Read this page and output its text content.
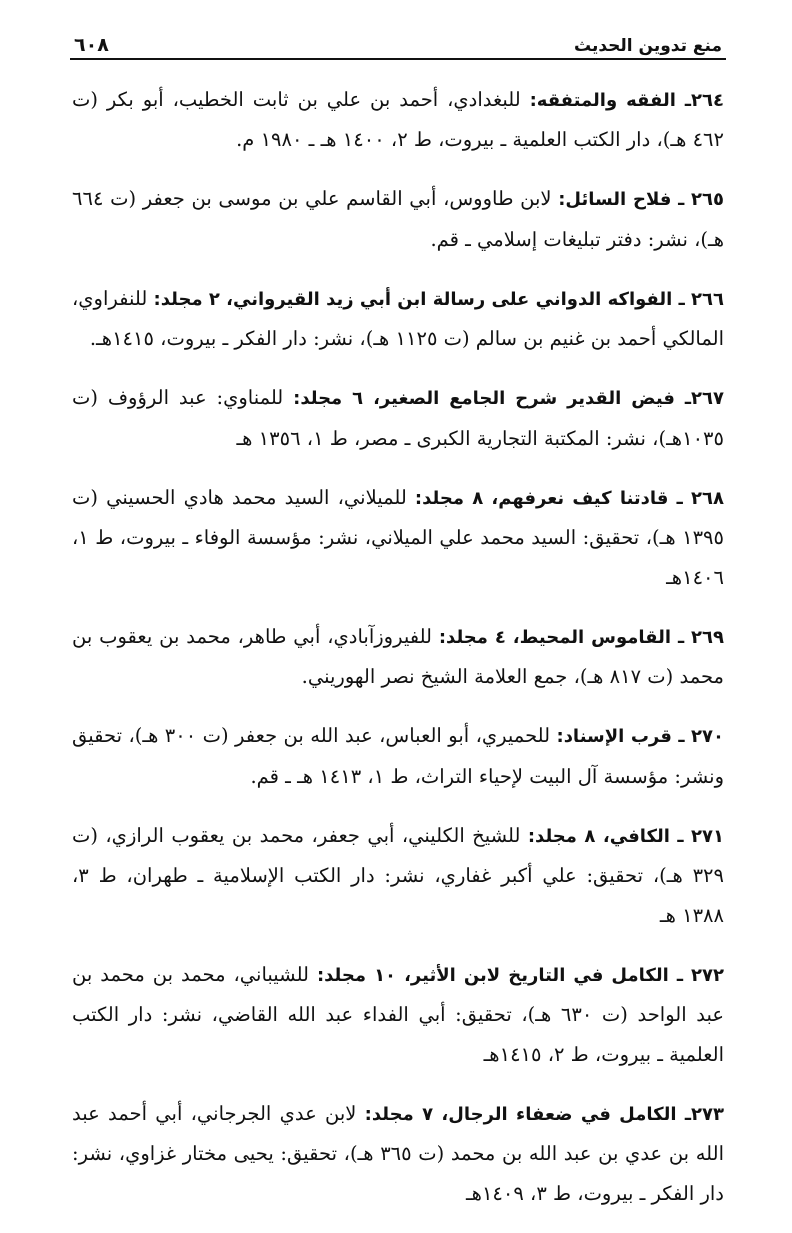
منع تدوين الحديث
٦٠٨

٢٦٤ـ الفقه والمتفقه: للبغدادي، أحمد بن علي بن ثابت الخطيب، أبو بكر (ت ٤٦٢ هـ)، دار الكتب العلمية ـ بيروت، ط ٢، ١٤٠٠ هـ ـ ١٩٨٠ م.

٢٦٥ ـ فلاح السائل: لابن طاووس، أبي القاسم علي بن موسى بن جعفر (ت ٦٦٤ هـ)، نشر: دفتر تبليغات إسلامي ـ قم.

٢٦٦ ـ الفواكه الدواني على رسالة ابن أبي زيد القيرواني، ٢ مجلد: للنفراوي، المالكي أحمد بن غنيم بن سالم (ت ١١٢٥ هـ)، نشر: دار الفكر ـ بيروت، ١٤١٥هـ.

٢٦٧ـ فيض القدير شرح الجامع الصغير، ٦ مجلد: للمناوي: عبد الرؤوف (ت ١٠٣٥هـ)، نشر: المكتبة التجارية الكبرى ـ مصر، ط ١، ١٣٥٦ هـ

٢٦٨ ـ قادتنا كيف نعرفهم، ٨ مجلد: للميلاني، السيد محمد هادي الحسيني (ت ١٣٩٥ هـ)، تحقيق: السيد محمد علي الميلاني، نشر: مؤسسة الوفاء ـ بيروت، ط ١، ١٤٠٦هـ

٢٦٩ ـ القاموس المحيط، ٤ مجلد: للفيروزآبادي، أبي طاهر، محمد بن يعقوب بن محمد (ت ٨١٧ هـ)، جمع العلامة الشيخ نصر الهوريني.

٢٧٠ ـ قرب الإسناد: للحميري، أبو العباس، عبد الله بن جعفر (ت ٣٠٠ هـ)، تحقيق ونشر: مؤسسة آل البيت لإحياء التراث، ط ١، ١٤١٣ هـ ـ قم.

٢٧١ ـ الكافي، ٨ مجلد: للشيخ الكليني، أبي جعفر، محمد بن يعقوب الرازي، (ت ٣٢٩ هـ)، تحقيق: علي أكبر غفاري، نشر: دار الكتب الإسلامية ـ طهران، ط ٣، ١٣٨٨ هـ

٢٧٢ ـ الكامل في التاريخ لابن الأثير، ١٠ مجلد: للشيباني، محمد بن محمد بن عبد الواحد (ت ٦٣٠ هـ)، تحقيق: أبي الفداء عبد الله القاضي، نشر: دار الكتب العلمية ـ بيروت، ط ٢، ١٤١٥هـ

٢٧٣ـ الكامل في ضعفاء الرجال، ٧ مجلد: لابن عدي الجرجاني، أبي أحمد عبد الله بن عدي بن عبد الله بن محمد (ت ٣٦٥ هـ)، تحقيق: يحيى مختار غزاوي، نشر: دار الفكر ـ بيروت، ط ٣، ١٤٠٩هـ
